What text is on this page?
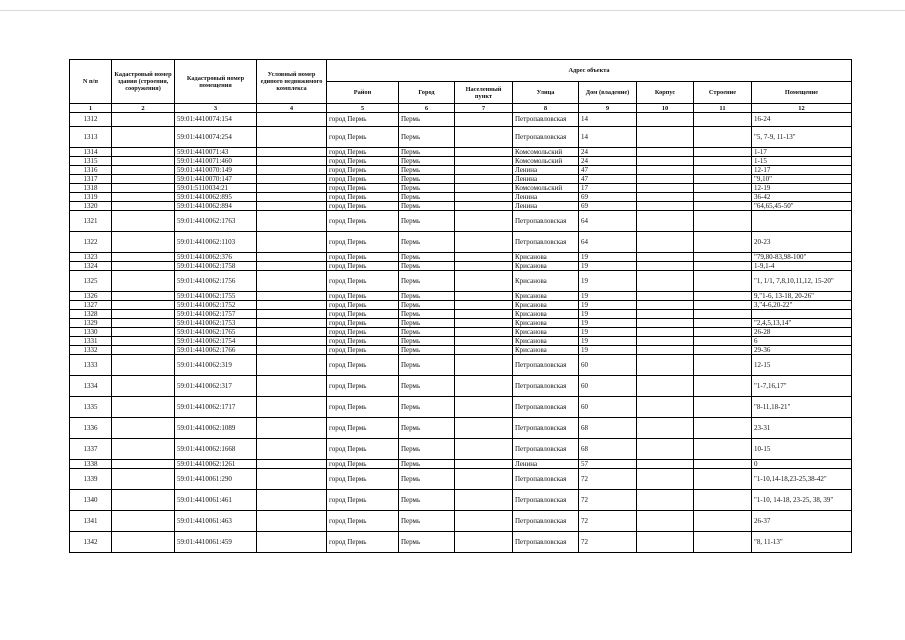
N п/п	Кадастровый номер здания (строения, сооружения)	Кадастровый номер помещения	Условный номер единого недвижимого комплекса	Адрес объекта							
				Район	Город	Населенный пункт	Улица	Дом (владение)	Корпус	Строение	Помещение
1	2	3	4	5	6	7	8	9	10	11	12
1312		59:01:4410074:154		город Пермь	Пермь		Петропавловская	14			16-24
1313		59:01:4410074:254		город Пермь	Пермь		Петропавловская	14			"5, 7-9, 11-13"
1314		59:01:4410071:43		город Пермь	Пермь		Комсомольский	24			1-17
1315		59:01:4410071:460		город Пермь	Пермь		Комсомольский	24			1-15
1316		59:01:4410070:149		город Пермь	Пермь		Ленина	47			12-17
1317		59:01:4410070:147		город Пермь	Пермь		Ленина	47			"9,10"
1318		59:01:5110034:21		город Пермь	Пермь		Комсомольский	17			12-19
1319		59:01:4410062:895		город Пермь	Пермь		Ленина	69			36-42
1320		59:01:4410062:894		город Пермь	Пермь		Ленина	69			"64,65,45-50"
1321		59:01:4410062:1763		город Пермь	Пермь		Петропавловская	64			
1322		59:01:4410062:1103		город Пермь	Пермь		Петропавловская	64			20-23
1323		59:01:4410062:376		город Пермь	Пермь		Крисанова	19			"79,80-83,98-100"
1324		59:01:4410062:1758		город Пермь	Пермь		Крисанова	19			1-9,1-4
1325		59:01:4410062:1756		город Пермь	Пермь		Крисанова	19			"1, 1/1, 7,8,10,11,12, 15-20"
1326		59:01:4410062:1755		город Пермь	Пермь		Крисанова	19			9,"1-6, 13-18, 20-26"
1327		59:01:4410062:1752		город Пермь	Пермь		Крисанова	19			3,"4-6,20-22"
1328		59:01:4410062:1757		город Пермь	Пермь		Крисанова	19			
1329		59:01:4410062:1753		город Пермь	Пермь		Крисанова	19			"2,4,5,13,14"
1330		59:01:4410062:1765		город Пермь	Пермь		Крисанова	19			26-28
1331		59:01:4410062:1754		город Пермь	Пермь		Крисанова	19			6
1332		59:01:4410062:1766		город Пермь	Пермь		Крисанова	19			29-36
1333		59:01:4410062:319		город Пермь	Пермь		Петропавловская	60			12-15
1334		59:01:4410062:317		город Пермь	Пермь		Петропавловская	60			"1-7,16,17"
1335		59:01:4410062:1717		город Пермь	Пермь		Петропавловская	60			"8-11,18-21"
1336		59:01:4410062:1089		город Пермь	Пермь		Петропавловская	68			23-31
1337		59:01:4410062:1668		город Пермь	Пермь		Петропавловская	68			10-15
1338		59:01:4410062:1261		город Пермь	Пермь		Ленина	57			0
1339		59:01:4410061:290		город Пермь	Пермь		Петропавловская	72			"1-10,14-18,23-25,38-42"
1340		59:01:4410061:461		город Пермь	Пермь		Петропавловская	72			"1-10, 14-18, 23-25, 38, 39"
1341		59:01:4410061:463		город Пермь	Пермь		Петропавловская	72			26-37
1342		59:01:4410061:459		город Пермь	Пермь		Петропавловская	72			"8, 11-13"
